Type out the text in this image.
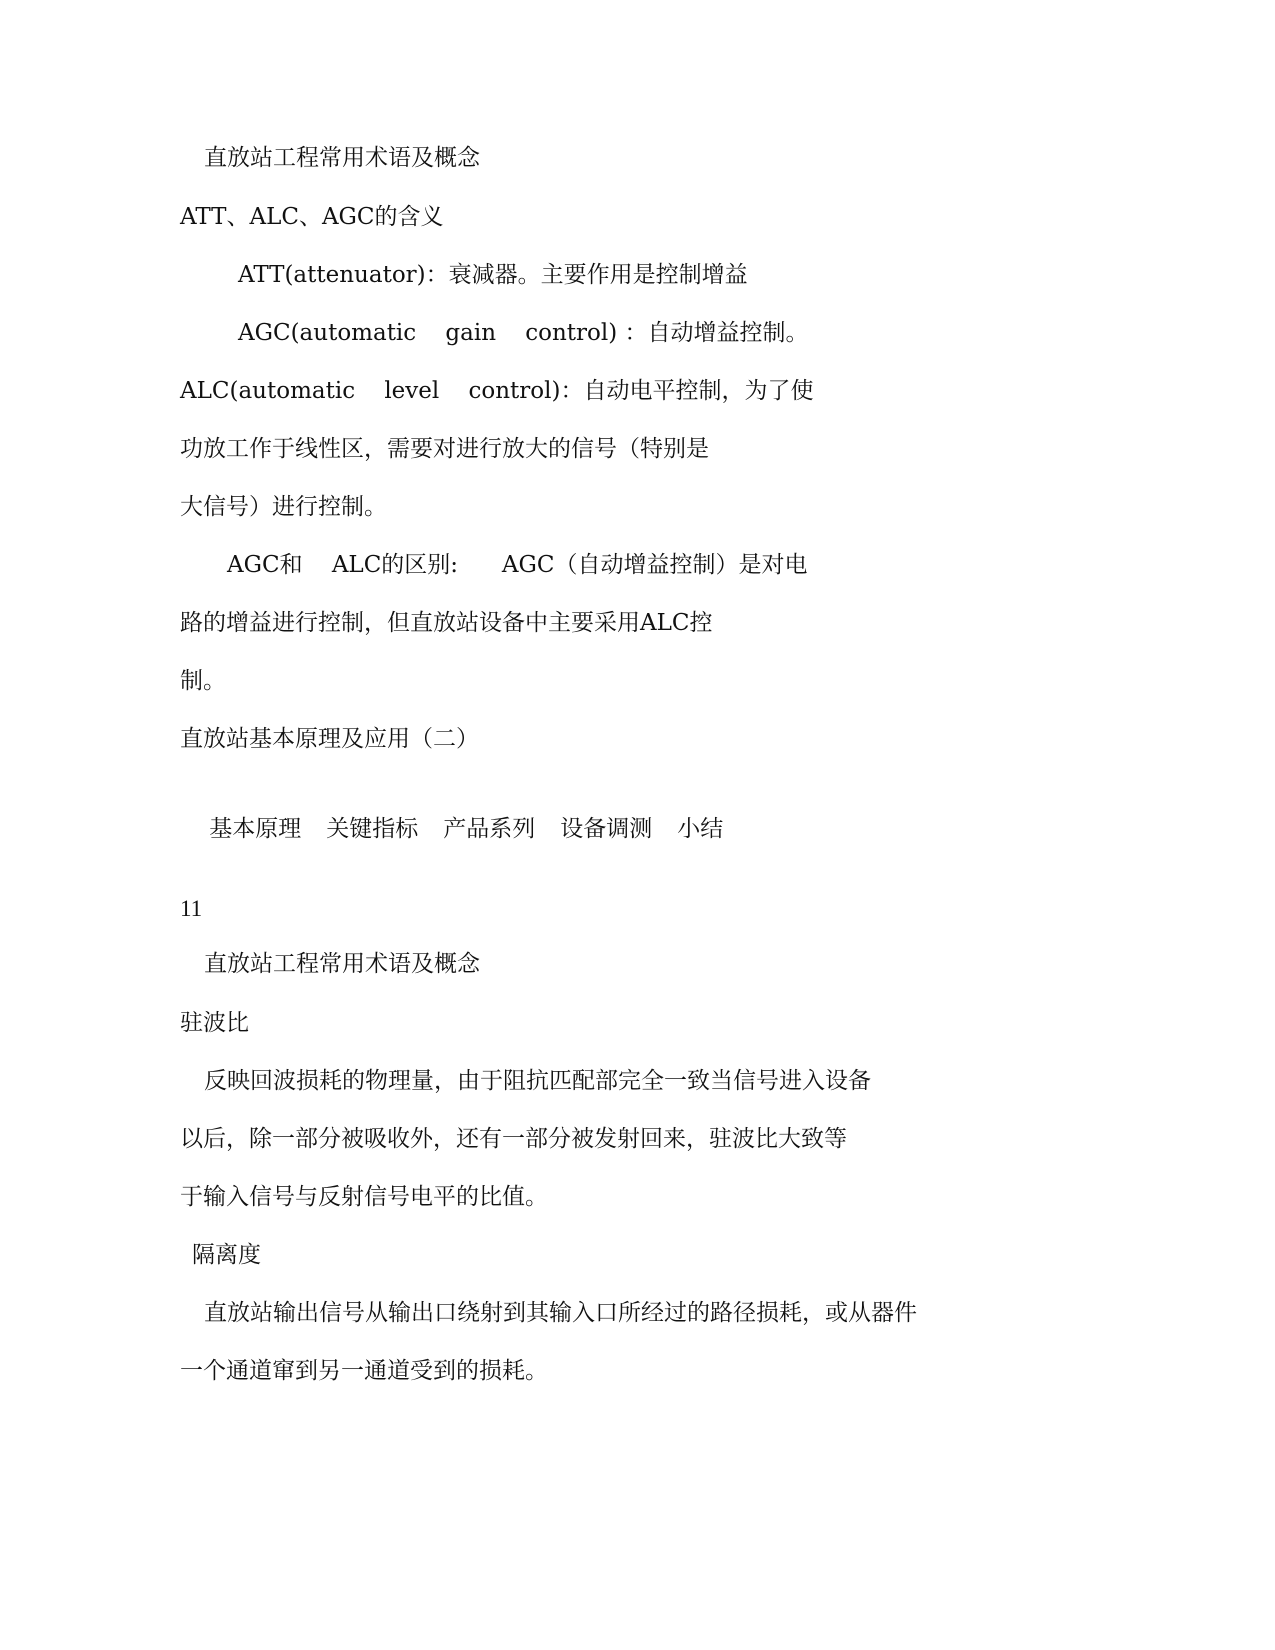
直放站工程常用术语及概念
ATT、ALC、AGC的含义
ATT(attenuator)：衰减器。主要作用是控制增益
AGC(automatic    gain    control) ：自动增益控制。
ALC(automatic    level    control)：自动电平控制，为了使
功放工作于线性区，需要对进行放大的信号（特别是
大信号）进行控制。
AGC和    ALC的区别:      AGC（自动增益控制）是对电
路的增益进行控制，但直放站设备中主要采用ALC控
制。
直放站基本原理及应用（二）

基本原理 关键指标 产品系列 设备调测 小结

11
直放站工程常用术语及概念
驻波比
反映回波损耗的物理量，由于阻抗匹配部完全一致当信号进入设备
以后，除一部分被吸收外，还有一部分被发射回来，驻波比大致等
于输入信号与反射信号电平的比值。
隔离度
直放站输出信号从输出口绕射到其输入口所经过的路径损耗，或从器件
一个通道窜到另一通道受到的损耗。
